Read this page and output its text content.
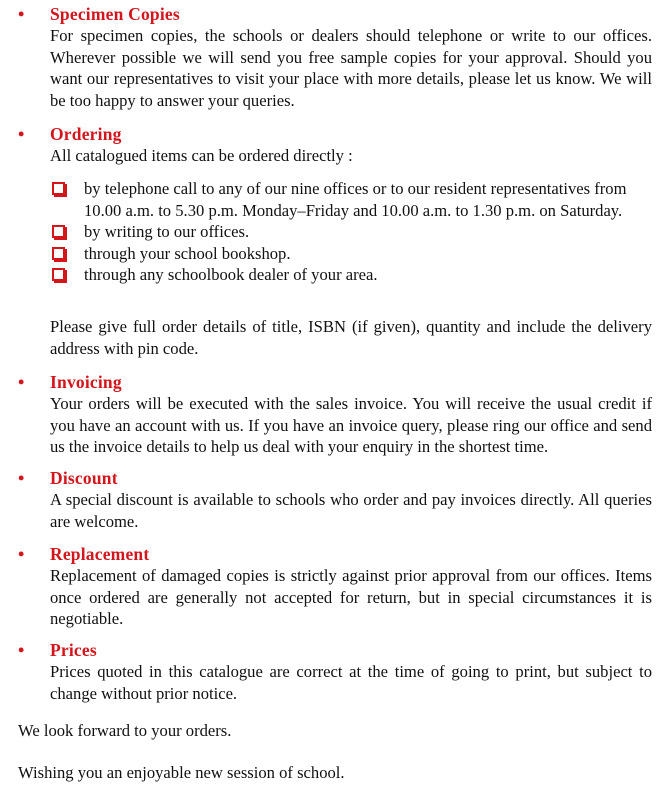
• Specimen Copies
For specimen copies, the schools or dealers should telephone or write to our offices. Wherever possible we will send you free sample copies for your approval. Should you want our representatives to visit your place with more details, please let us know. We will be too happy to answer your queries.
• Ordering
All catalogued items can be ordered directly :
by telephone call to any of our nine offices or to our resident representatives from 10.00 a.m. to 5.30 p.m. Monday–Friday and 10.00 a.m. to 1.30 p.m. on Saturday.
by writing to our offices.
through your school bookshop.
through any schoolbook dealer of your area.
Please give full order details of title, ISBN (if given), quantity and include the delivery address with pin code.
• Invoicing
Your orders will be executed with the sales invoice. You will receive the usual credit if you have an account with us. If you have an invoice query, please ring our office and send us the invoice details to help us deal with your enquiry in the shortest time.
• Discount
A special discount is available to schools who order and pay invoices directly. All queries are welcome.
• Replacement
Replacement of damaged copies is strictly against prior approval from our offices. Items once ordered are generally not accepted for return, but in special circumstances it is negotiable.
• Prices
Prices quoted in this catalogue are correct at the time of going to print, but subject to change without prior notice.
We look forward to your orders.
Wishing you an enjoyable new session of school.
